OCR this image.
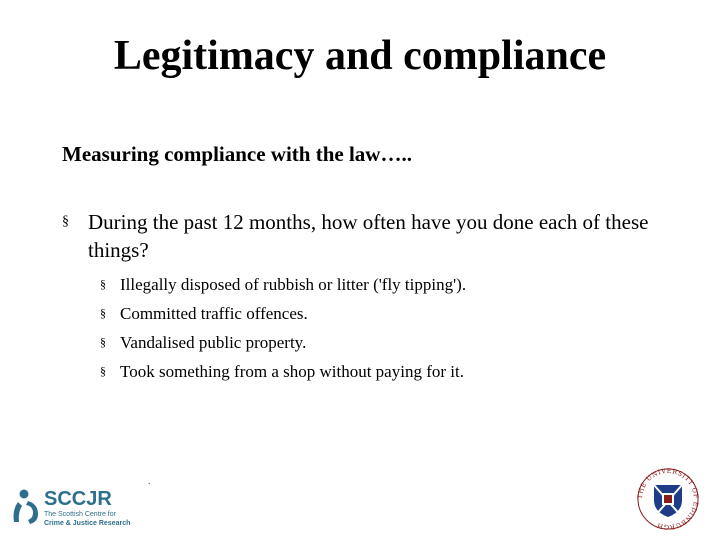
Legitimacy and compliance
Measuring compliance with the law…..
§ During the past 12 months, how often have you done each of these things?
§ Illegally disposed of rubbish or litter ('fly tipping').
§ Committed traffic offences.
§ Vandalised public property.
§ Took something from a shop without paying for it.
.
SCCJR
The Scottish Centre for
Crime & Justice Research
THE UNIVERSITY OF EDINBURGH
